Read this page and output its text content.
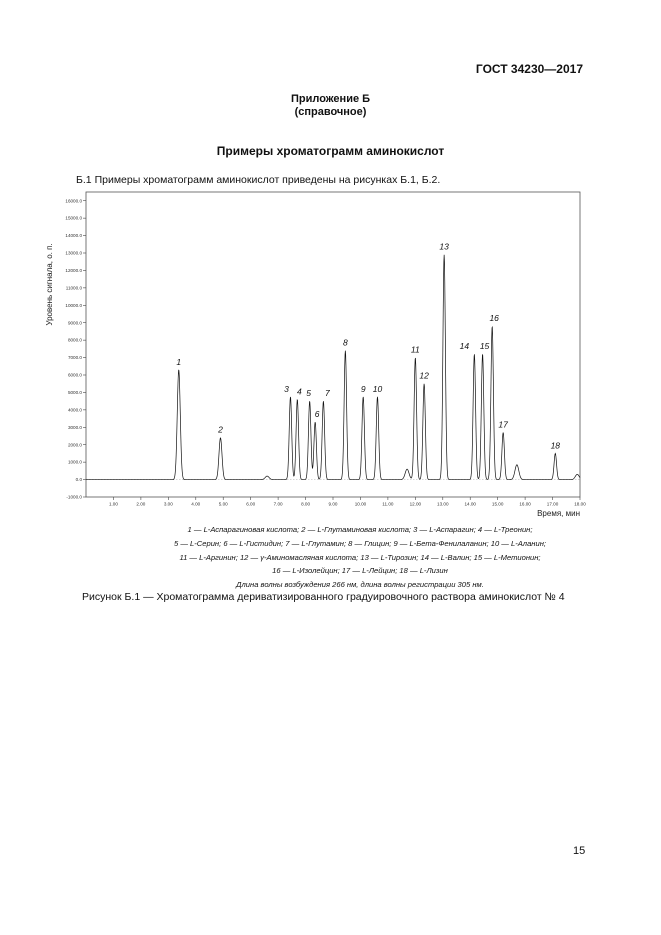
ГОСТ 34230—2017
Приложение Б
(справочное)
Примеры хроматограмм аминокислот
Б.1 Примеры хроматограмм аминокислот приведены на рисунках Б.1, Б.2.
-1000.0
0.0
1000.0
2000.0
3000.0
4000.0
5000.0
6000.0
7000.0
8000.0
9000.0
10000.0
11000.0
12000.0
13000.0
14000.0
15000.0
16000.0
1.00	2.00	3.00	4.00	5.00	6.00	7.00	8.00	9.00	10.00	11.00	12.00	13.00	14.00	15.00	16.00	17.00	18.00
Уровень сигнала, о. п.
Время, мин
1
2
3 4 5
6
7
8
9 10
11
12
13
14 15
16
17
18
1 — L-Аспарагиновая кислота; 2 — L-Глутаминовая кислота; 3 — L-Аспарагин; 4 — L-Треонин;
5 — L-Серин; 6 — L-Гистидин; 7 — L-Глутамин; 8 — Глицин; 9 — L-Бета-Фенилаланин; 10 — L-Аланин;
11 — L-Аргинин; 12 — γ-Аминомасляная кислота; 13 — L-Тирозин; 14 — L-Валин; 15 — L-Метионин;
16 — L-Изолейцин; 17 — L-Лейцин; 18 — L-Лизин
Длина волны возбуждения 266 нм, длина волны регистрации 305 нм.
Рисунок Б.1 — Хроматограмма дериватизированного градуировочного раствора аминокислот № 4
15
